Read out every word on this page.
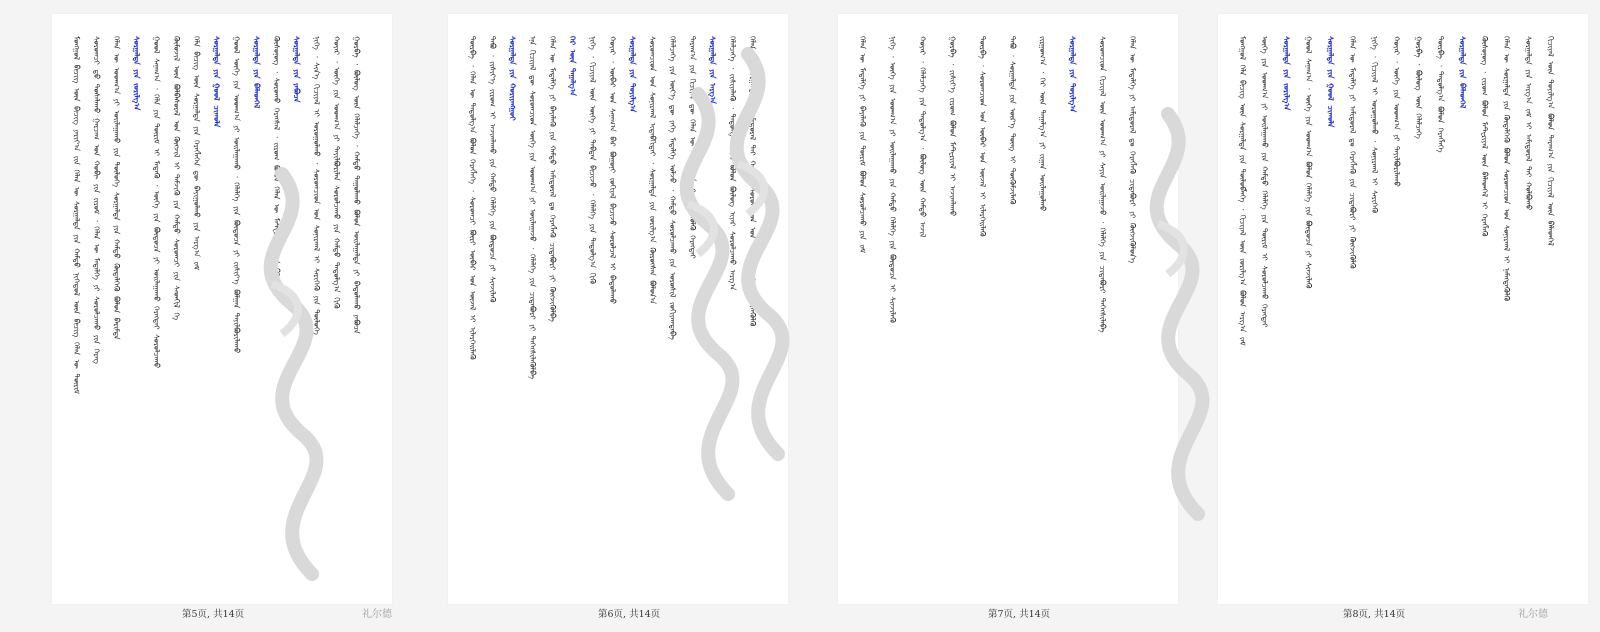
ᠮᠣᠩᠭᠣᠯ ᠪᠢᠴᠢᠭ ᠦᠨ ᠪᠢᠴᠢᠭ᠌ ᠶᠠᠷᠢᠶ᠎ᠠ ᠵᠢᠨ ᠬᠡᠯᠡᠨ ᠦ ᠰᠤᠷᠭᠠᠯᠲᠠ ᠶᠢᠨ ᠬᠠᠮᠲᠤ ᠨᠢᠭᠡᠳᠦᠯ ᠦᠨ ᠪᠢᠴᠢᠭ᠌ ᠬᠡᠯᠡᠨ ᠦ ᠳᠦᠷᠢᠮ ᠰᠤᠷᠤᠭᠴᠢ ᠳ᠋ᠤ ᠲᠤᠰᠠᠯᠠᠬᠤ ᠭᠠᠷᠴᠠᠭ ᠤᠨ ᠬᠤᠪᠢ ᠶᠢᠨ ᠵᠢᠷᠤᠮ ᠂ ᠬᠡᠯᠡᠨ ᠦ ᠮᠡᠳᠡᠯᠭᠡ ᠶᠢ ᠰᠤᠷᠤᠯᠴᠠᠬᠤ ᠶᠢᠨ ᠬᠡᠷᠡᠭ ᠬᠡᠯᠡᠨ ᠦ ᠤᠳᠬ᠎ᠠ ᠶᠢ ᠤᠢᠯᠠᠭᠠᠬᠤ ᠶᠢᠨ ᠲᠥᠯᠦᠭᠡ ᠰᠤᠷᠭᠠᠯᠲᠠ ᠶᠢᠨ ᠬᠠᠮᠲᠤ ᠬᠥᠳᠡᠯᠬᠡᠬᠦ ᠪᠤᠯᠤᠨ ᠪᠠᠷᠢᠮᠲᠠ ᠰᠤᠷᠭᠠᠯᠲᠠ ᠶᠢᠨ ᠵᠣᠷᠢᠯᠭ᠎ᠠ ᠭᠣᠣᠯ ᠰᠠᠨᠠᠭ᠎ᠠ ᠂ ᠬᠡᠯᠡ ᠶᠢᠨ ᠳᠦᠷᠢᠮ ᠢ ᠮᠡᠳᠡᠬᠦ ᠂ ᠦᠭᠡ ᠶᠢᠨ ᠪᠦᠲᠦᠴᠡ ᠶᠢ ᠣᠢᠯᠠᠭᠠᠬᠤ ᠬᠡᠷᠡᠭᠲᠡᠢ ᠰᠤᠷᠤᠯᠴᠠᠬᠤ ᠬᠦᠮᠦᠵᠢᠯ ᠦᠨ ᠪᠣᠯᠪᠠᠰᠤᠷᠠᠯ ᠤᠨ ᠬᠥᠭᠵᠢᠯ ᠢ ᠳᠡᠮᠵᠢᠬᠦ ᠶᠢᠨ ᠬᠠᠮᠲᠤ ᠰᠤᠷᠤᠭᠴᠢ ᠶᠢᠨ ᠰᠡᠳᠬᠢᠯ ᠭᠡ ᠬᠡᠯᠡ ᠪᠢᠴᠢᠭ ᠦᠨ ᠰᠤᠷᠭᠠᠯᠲᠠ ᠶᠢᠨ ᠬᠡᠷᠡᠭᠯᠡᠭᠡᠨ ᠳᠦ ᠪᠠᠶᠢᠭᠤᠯᠬᠤ ᠶᠢᠨ ᠠᠷᠭ᠎ᠠ ᠵᠠᠮ ᠰᠤᠷᠭᠠᠯᠲᠠ ᠶᠢᠨ ᠭᠣᠣᠯ ᠴᠢᠬᠤᠯᠠ ᠭᠣᠣᠯ ᠦᠭᠡ ᠶᠢᠨ ᠤᠳᠬ᠎ᠠ ᠶᠢ ᠣᠢᠯᠠᠭᠠᠬᠤ ᠂ ᠬᠡᠯᠡᠯᠭᠡ ᠶᠢᠨ ᠪᠦᠲᠦᠴᠡ ᠶᠢ ᠵᠢᠱᠢᠶ᠎ᠡ ᠪᠣᠯᠭᠠᠨ ᠲᠠᠶᠢᠯᠪᠤᠷᠢᠯᠠᠬᠤ ᠰᠤᠷᠭᠠᠯᠲᠠ ᠶᠢᠨ ᠪᠡᠯᠡᠳᠬᠡᠯ ᠬᠦᠰᠦᠨᠦᠭ ᠂ ᠰᠤᠷᠤᠬᠤ ᠬᠡᠷᠡᠭᠰᠡᠯ ᠂ ᠵᠢᠷᠤᠭ ᠪᠤᠯᠤᠨ ᠬᠡᠯᠡᠨ ᠦ ᠮᠠᠲᠸᠷᠢᠶᠠᠯ ᠦᠨ ᠪᠡᠯᠡᠳᠬᠡᠯ ᠰᠤᠷᠭᠠᠯᠲᠠ ᠶᠢᠨ ᠶᠠᠪᠤᠴᠠ ᠨᠢᠭᠡ ᠂ ᠰᠢᠨ᠎ᠡ ᠬᠢᠴᠢᠶᠡᠯ ᠢ ᠣᠷᠤᠭᠤᠯᠬᠤ ᠂ ᠰᠤᠷᠤᠭᠴᠢᠳ ᠤᠨ ᠰᠣᠨᠢᠷᠬᠠᠯ ᠢ ᠰᠡᠷᠢᠭᠡᠬᠦ ᠶᠢᠨ ᠲᠥᠯᠦᠭᠡ ᠬᠣᠶᠠᠷ ᠂ ᠦᠭᠡ ᠶᠢᠨ ᠤᠳᠬ᠎ᠠ ᠶᠢ ᠲᠠᠶᠢᠯᠪᠤᠷᠢᠯᠠᠨ ᠰᠤᠷᠤᠯᠴᠠᠬᠤ ᠶᠢᠨ ᠬᠠᠮᠲᠤ ᠳᠠᠳᠤᠯᠭ᠎ᠠ ᠬᠢᠬᠦ ᠭᠤᠷᠪᠠ ᠂ ᠪᠦᠯᠦᠭ ᠦᠨ ᠬᠡᠯᠡᠯᠴᠡᠭᠡ ᠂ ᠬᠠᠮᠲᠤ ᠳᠠᠭᠤᠯᠠᠬᠤ ᠪᠤᠯᠤᠨ ᠣᠢᠯᠠᠭᠠᠯᠲᠠ ᠶᠢ ᠪᠠᠲᠤᠯᠠᠬᠤ ᠶᠠᠪᠤᠴᠠ
第5页, 共14页	礼尔德
ᠳᠥᠷᠪᠡ ᠂ ᠬᠡᠯᠡᠨ ᠦ ᠳᠠᠳᠤᠯᠭ᠎ᠠ ᠪᠤᠯᠤᠨ ᠬᠡᠷᠡᠭᠯᠡᠭᠡ ᠂ ᠰᠤᠷᠤᠭᠴᠢ ᠪᠦᠷᠢ ᠥᠪᠡᠷ ᠤᠨ ᠦᠵᠡᠯ ᠢ ᠢᠯᠡᠷᠬᠡᠢᠯᠡᠬᠦ ᠲᠠᠪᠤ ᠂ ᠵᠢᠱᠢᠶ᠎ᠡ ᠵᠢᠷᠤᠭ ᠢ ᠠᠵᠢᠭᠯᠠᠬᠤ ᠶᠢᠨ ᠬᠠᠮᠲᠤ ᠬᠡᠯᠡᠯᠭᠡ ᠶᠢᠨ ᠪᠦᠲᠦᠴᠡ ᠶᠢ ᠰᠢᠨᠵᠢᠯᠡᠬᠦ ᠰᠤᠷᠭᠠᠯᠲᠠ ᠶᠢᠨ ᠬᠤᠷᠢᠶᠠᠩᠭᠤᠢ ᠡᠨᠡ ᠬᠢᠴᠢᠶᠡᠯ ᠳᠦ ᠰᠤᠷᠤᠭᠴᠢᠳ ᠦᠭᠡ ᠶᠢᠨ ᠤᠳᠬ᠎ᠠ ᠶᠢ ᠣᠢᠯᠠᠭᠠᠵᠤ ᠂ ᠬᠡᠯᠡᠯᠭᠡ ᠶᠢᠨ ᠴᠢᠳᠠᠪᠤᠷᠢ ᠶᠢ ᠳᠡᠭᠡᠭᠰᠢᠯᠡᠭᠦᠯᠪᠡ ᠬᠡᠯᠡᠨ ᠦ ᠮᠡᠳᠡᠯᠭᠡ ᠶᠢ ᠪᠡᠶᠡᠯᠡᠬᠦ ᠶᠢᠨ ᠬᠠᠮᠲᠤ ᠠᠮᠢᠳᠤᠷᠠᠯ ᠳᠤ ᠬᠡᠷᠡᠭᠯᠡᠬᠦ ᠴᠢᠳᠠᠪᠤᠷᠢ ᠶᠢ ᠬᠥᠭᠵᠢᠭᠦᠯᠪᠡ ᠭᠡᠷ ᠦᠨ ᠳᠠᠭᠠᠯᠭ᠎ᠠ ᠨᠢᠭᠡ ᠂ ᠬᠢᠴᠢᠶᠡᠯ ᠦᠨ ᠦᠭᠡ ᠶᠢ ᠳᠠᠪᠲᠠᠨ ᠪᠢᠴᠢᠵᠦ ᠂ ᠬᠡᠯᠡᠯᠭᠡ ᠶᠢᠨ ᠳᠠᠳᠤᠯᠭ᠎ᠠ ᠬᠢᠬᠦ ᠬᠣᠶᠠᠷ ᠂ ᠥᠪᠡᠷ ᠤᠨ ᠰᠠᠨᠠᠭ᠎ᠠ ᠪᠠᠷ ᠪᠤᠭᠤᠨᠢ ᠵᠣᠬᠢᠶᠠᠯ ᠪᠢᠴᠢᠵᠦ ᠰᠤᠷᠤᠯᠴᠠᠯ ᠢ ᠪᠠᠲᠤᠯᠠᠬᠤ ᠰᠤᠷᠭᠠᠯᠲᠠ ᠶᠢᠨ ᠲᠤᠶᠢᠯᠭ᠎ᠠ ᠰᠤᠷᠤᠭᠴᠢᠳ ᠤᠨ ᠰᠣᠨᠢᠷᠬᠠᠯ ᠢᠳᠡᠪᠬᠢᠲᠡᠢ ᠂ ᠰᠤᠷᠭᠠᠯᠲᠠ ᠶᠢᠨ ᠵᠣᠷᠢᠯᠭ᠎ᠠ ᠬᠦᠷᠦᠭᠰᠡᠨ ᠪᠣᠯᠤᠨ᠎ᠠ ᠬᠡᠯᠡᠯᠴᠡᠭᠡ ᠶᠢᠨ ᠦᠶ᠎ᠡ ᠳᠦ ᠶᠡᠬᠡ ᠮᠡᠳᠡᠯᠭᠡ ᠣᠯᠵᠤ ᠂ ᠬᠠᠮᠲᠤ ᠰᠤᠷᠤᠯᠴᠠᠬᠤ ᠶᠢᠨ ᠤᠷᠤᠰᠢᠯ ᠵᠣᠬᠢᠶᠠᠭᠳᠠᠪᠠ ᠳᠠᠷᠠᠭ᠎ᠠ ᠶᠢᠨ ᠬᠢᠴᠢᠶᠡᠯ ᠳᠦ ᠬᠡᠯᠡᠨ ᠦ ᠳᠠᠳᠤᠯᠭ᠎ᠠ ᠶᠢ ᠨᠡᠮᠡᠭᠳᠡᠭᠦᠯᠬᠦ ᠬᠡᠷᠡᠭᠲᠡᠢ ᠰᠤᠷᠭᠠᠯᠲᠠ ᠶᠢᠨ ᠠᠷᠭ᠎ᠠ ᠬᠡᠯᠡᠯᠴᠡᠭᠡ ᠂ ᠵᠢᠱᠢᠶᠡᠯᠡᠬᠦ ᠂ ᠳᠠᠳᠤᠯᠭ᠎ᠠ ᠬᠢᠬᠦ ᠪᠤᠯᠤᠨ ᠪᠦᠯᠦᠭ ᠢᠶᠡᠷ ᠰᠤᠷᠤᠯᠴᠠᠬᠤ ᠠᠷᠭ᠎ᠠ ᠬᠡᠯᠡᠨ ᠦ ᠰᠤᠷᠭᠠᠯᠲᠠ ᠶᠢ ᠠᠮᠢᠳᠤᠷᠠᠯ ᠲᠠᠢ ᠬᠣᠯᠪᠣᠨ ᠰᠤᠷᠤᠭᠴᠢᠳ ᠤᠨ ᠰᠣᠨᠢᠷᠬᠠᠯ ᠢ ᠳᠡᠭᠡᠭᠰᠢᠯᠡᠭᠦᠯᠬᠦ
第6页, 共14页
ᠬᠡᠯᠡᠨ ᠦ ᠮᠡᠳᠡᠯᠭᠡ ᠶᠢ ᠪᠡᠶᠡᠯᠡᠬᠦ ᠶᠢᠨ ᠳᠦᠷᠢᠮ ᠪᠤᠯᠤᠨ ᠰᠤᠷᠤᠯᠴᠠᠬᠤ ᠶᠢᠨ ᠵᠠᠮ	ᠨᠢᠭᠡ ᠂ ᠦᠭᠡ ᠶᠢᠨ ᠤᠳᠬ᠎ᠠ ᠶᠢ ᠣᠢᠯᠠᠭᠠᠬᠤ ᠶᠢᠨ ᠬᠠᠮᠲᠤ ᠬᠡᠯᠡᠯᠭᠡ ᠶᠢᠨ ᠪᠦᠲᠦᠴᠡ ᠢ ᠰᠢᠨᠵᠢᠯᠡᠬᠦ	ᠬᠣᠶᠠᠷ ᠂ ᠬᠡᠯᠡᠯᠴᠡᠭᠡ ᠶᠢᠨ ᠳᠠᠳᠤᠯᠭ᠎ᠠ ᠂ ᠪᠦᠯᠦᠭ ᠦᠨ ᠬᠠᠮᠲᠤ ᠠᠵᠢᠯ	ᠭᠤᠷᠪᠠ ᠂ ᠵᠢᠱᠢᠶ᠎ᠡ ᠵᠢᠷᠤᠭ ᠪᠤᠯᠤᠨ ᠮᠠᠲᠸᠷᠢᠶᠠᠯ ᠢ ᠠᠵᠢᠭᠯᠠᠬᠤ	ᠳᠥᠷᠪᠡ ᠂ ᠰᠤᠷᠤᠭᠴᠢᠳ ᠤᠨ ᠥᠪᠡᠷ ᠤᠨ ᠦᠵᠡᠯ ᠢ ᠢᠯᠡᠷᠬᠡᠢᠯᠡᠬᠦ	ᠲᠠᠪᠤ ᠂ ᠰᠤᠷᠭᠠᠯᠲᠠ ᠶᠢᠨ ᠦᠷ᠎ᠡ ᠳᠦᠩ ᠢ ᠳᠦᠭᠦᠮᠵᠢᠯᠡᠬᠦ	ᠵᠢᠷᠭᠤᠭ᠎ᠠ ᠂ ᠭᠡᠷ ᠦᠨ ᠳᠠᠭᠠᠯᠭ᠎ᠠ ᠶᠢ ᠵᠢᠭᠠᠨ ᠣᠢᠯᠠᠭᠤᠯᠬᠤ	ᠰᠤᠷᠭᠠᠯᠲᠠ ᠶᠢᠨ ᠲᠤᠶᠢᠯᠭ᠎ᠠ	ᠰᠤᠷᠤᠭᠴᠢᠳ ᠬᠢᠴᠢᠶᠡᠯ ᠦᠨ ᠤᠳᠬ᠎ᠠ ᠶᠢ ᠰᠠᠶᠢᠨ ᠣᠢᠯᠠᠭᠠᠵᠤ ᠂ ᠬᠡᠯᠡᠯᠭᠡ ᠶᠢᠨ ᠴᠢᠳᠠᠪᠤᠷᠢ ᠳᠡᠭᠡᠭᠰᠢᠯᠡᠪᠡ	ᠬᠡᠯᠡᠨ ᠦ ᠮᠡᠳᠡᠯᠭᠡ ᠶᠢ ᠠᠮᠢᠳᠤᠷᠠᠯ ᠳᠤ ᠬᠡᠷᠡᠭᠯᠡᠬᠦ ᠴᠢᠳᠠᠪᠤᠷᠢ ᠶᠢ ᠬᠥᠭᠵᠢᠭᠦᠯᠦᠨ᠎ᠡ
第7页, 共14页
ᠮᠣᠩᠭᠣᠯ ᠬᠡᠯᠡ ᠪᠢᠴᠢᠭ ᠦᠨ ᠰᠤᠷᠭᠠᠯᠲᠠ ᠶᠢᠨ ᠲᠥᠯᠥᠪᠯᠡᠭᠡ ᠂ ᠬᠢᠴᠢᠶᠡᠯ ᠦᠨ ᠵᠣᠷᠢᠯᠭ᠎ᠠ ᠪᠤᠯᠤᠨ ᠠᠷᠭ᠎ᠠ ᠵᠠᠮ ᠦᠭᠡ ᠶᠢᠨ ᠤᠳᠬ᠎ᠠ ᠶᠢ ᠣᠢᠯᠠᠭᠠᠬᠤ ᠶᠢᠨ ᠬᠠᠮᠲᠤ ᠬᠡᠯᠡᠯᠭᠡ ᠶᠢᠨ ᠳᠦᠷᠢᠮ ᠢ ᠰᠤᠷᠤᠯᠴᠠᠬᠤ ᠬᠡᠷᠡᠭᠲᠡᠢ ᠰᠤᠷᠭᠠᠯᠲᠠ ᠶᠢᠨ ᠵᠣᠷᠢᠯᠭ᠎ᠠ ᠭᠣᠣᠯ ᠰᠠᠨᠠᠭ᠎ᠠ ᠂ ᠦᠭᠡ ᠶᠢᠨ ᠤᠳᠬ᠎ᠠ ᠪᠤᠯᠤᠨ ᠬᠡᠯᠡᠯᠭᠡ ᠶᠢᠨ ᠪᠦᠲᠦᠴᠡ ᠶᠢ ᠰᠢᠨᠵᠢᠯᠡᠬᠦ ᠰᠤᠷᠭᠠᠯᠲᠠ ᠶᠢᠨ ᠭᠣᠣᠯ ᠴᠢᠬᠤᠯᠠ ᠬᠡᠯᠡᠨ ᠦ ᠮᠡᠳᠡᠯᠭᠡ ᠶᠢ ᠠᠮᠢᠳᠤᠷᠠᠯ ᠳᠤ ᠬᠡᠷᠡᠭᠯᠡᠬᠦ ᠶᠢᠨ ᠴᠢᠳᠠᠪᠤᠷᠢ ᠶᠢ ᠬᠥᠭᠵᠢᠭᠦᠯᠬᠦ ᠨᠢᠭᠡ ᠂ ᠬᠢᠴᠢᠶᠡᠯ ᠢ ᠣᠷᠤᠭᠤᠯᠬᠤ ᠂ ᠰᠣᠨᠢᠷᠬᠠᠯ ᠢ ᠰᠡᠷᠢᠭᠡᠬᠦ ᠬᠣᠶᠠᠷ ᠂ ᠦᠭᠡ ᠶᠢᠨ ᠤᠳᠬ᠎ᠠ ᠶᠢ ᠲᠠᠶᠢᠯᠪᠤᠷᠢᠯᠠᠬᠤ ᠭᠤᠷᠪᠠ ᠂ ᠪᠦᠯᠦᠭ ᠦᠨ ᠬᠡᠯᠡᠯᠴᠡᠭᠡ ᠳᠥᠷᠪᠡ ᠂ ᠳᠠᠳᠤᠯᠭ᠎ᠠ ᠪᠤᠯᠤᠨ ᠬᠡᠷᠡᠭᠯᠡᠭᠡ ᠰᠤᠷᠭᠠᠯᠲᠠ ᠶᠢᠨ ᠪᠡᠯᠡᠳᠬᠡᠯ ᠬᠦᠰᠦᠨᠦᠭ ᠂ ᠵᠢᠷᠤᠭ ᠪᠤᠯᠤᠨ ᠮᠠᠲᠸᠷᠢᠶᠠᠯ ᠦᠨ ᠪᠡᠯᠡᠳᠬᠡᠯ ᠢ ᠬᠡᠷᠡᠭᠯᠡᠬᠦ ᠬᠡᠯᠡᠨ ᠦ ᠰᠤᠷᠭᠠᠯᠲᠠ ᠶᠢᠨ ᠬᠥᠳᠡᠯᠬᠡᠬᠦ ᠪᠤᠯᠤᠨ ᠰᠤᠷᠤᠭᠴᠢᠳ ᠤᠨ ᠰᠣᠨᠢᠷᠬᠠᠯ ᠢ ᠨᠡᠮᠡᠭᠳᠡᠭᠦᠯᠬᠦ ᠰᠤᠷᠭᠠᠯᠲᠠ ᠶᠢᠨ ᠠᠷᠭ᠎ᠠ ᠵᠠᠮ ᠢ ᠠᠮᠢᠳᠤᠷᠠᠯ ᠲᠠᠢ ᠬᠣᠯᠪᠣᠬᠤ ᠬᠢᠴᠢᠶᠡᠯ ᠦᠨ ᠲᠤᠶᠢᠯᠭ᠎ᠠ ᠪᠤᠯᠤᠨ ᠳᠠᠷᠠᠭ᠎ᠠ ᠶᠢᠨ ᠬᠢᠴᠢᠶᠡᠯ ᠦᠨ ᠪᠡᠯᠡᠳᠬᠡᠯ
第8页, 共14页	礼尔德
